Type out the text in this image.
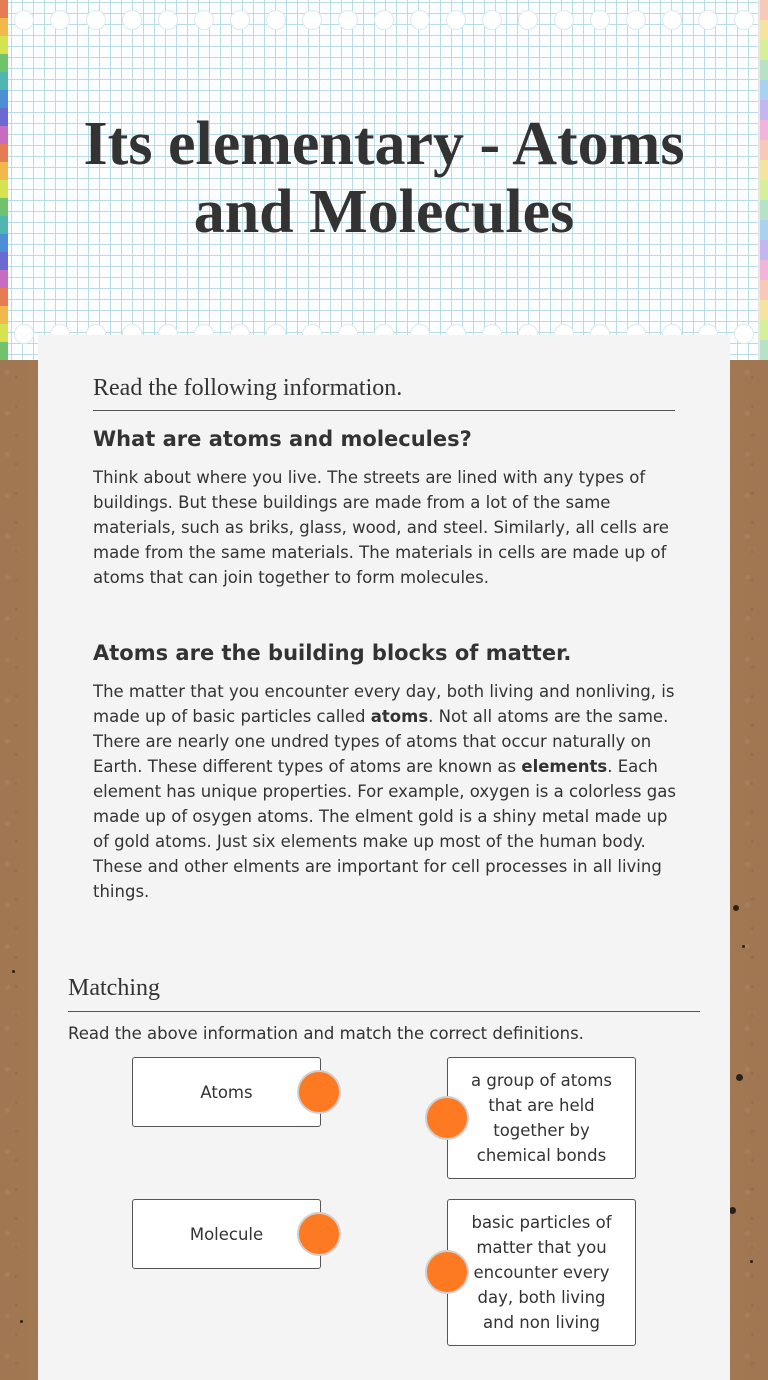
Its elementary - Atoms and Molecules
Read the following information.
What are atoms and molecules?

Think about where you live. The streets are lined with any types of buildings. But these buildings are made from a lot of the same materials, such as briks, glass, wood, and steel. Similarly, all cells are made from the same materials. The materials in cells are made up of atoms that can join together to form molecules.

Atoms are the building blocks of matter.

The matter that you encounter every day, both living and nonliving, is made up of basic particles called atoms. Not all atoms are the same. There are nearly one undred types of atoms that occur naturally on Earth. These different types of atoms are known as elements. Each element has unique properties. For example, oxygen is a colorless gas made up of osygen atoms. The elment gold is a shiny metal made up of gold atoms. Just six elements make up most of the human body. These and other elments are important for cell processes in all living things.

Matching

Read the above information and match the correct definitions.

Atoms
Molecule
a group of atoms that are held together by chemical bonds
basic particles of matter that you encounter every day, both living and non living
